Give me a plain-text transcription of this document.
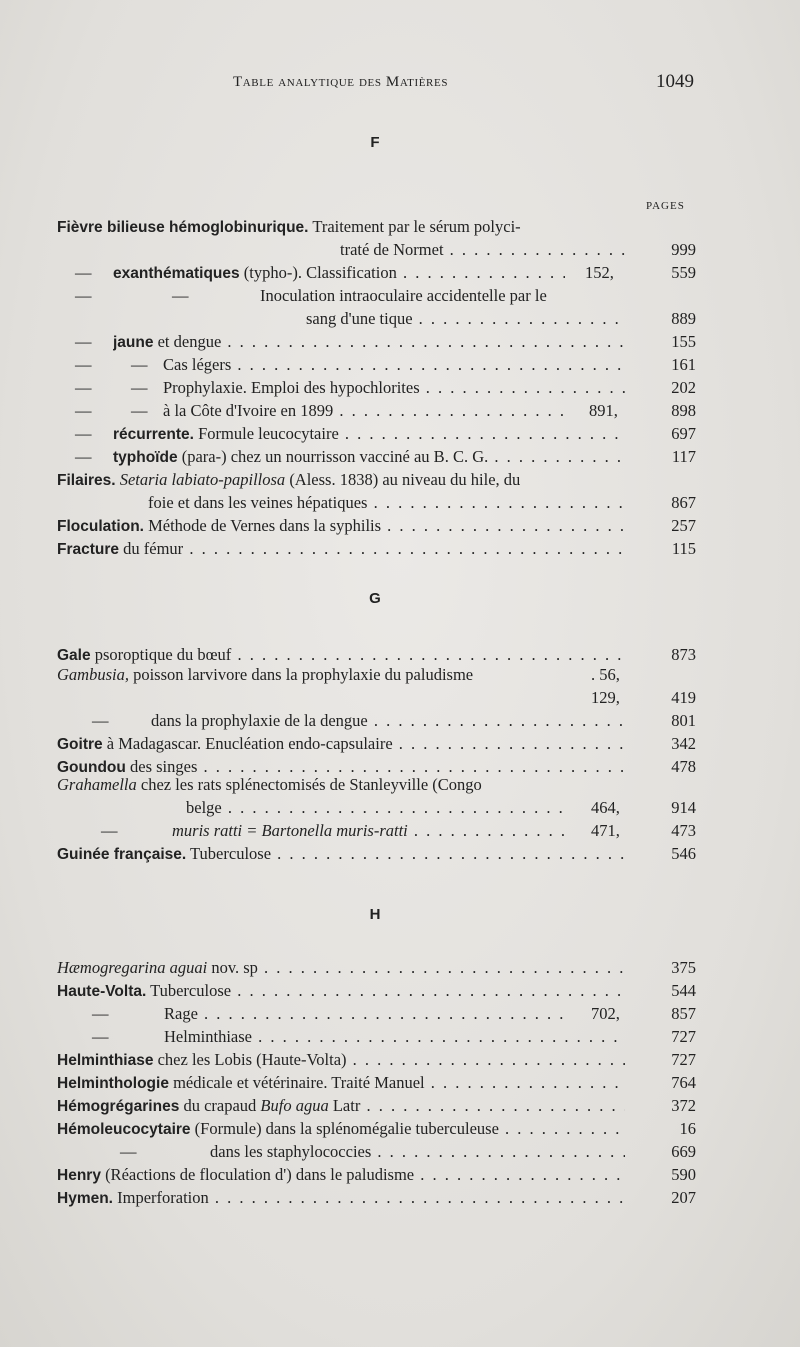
Table analytique des Matières	1049
F
PAGES
Fièvre bilieuse hémoglobinurique. Traitement par le sérum polyci-
traté de Normet . . .	999
— exanthématiques (typho-). Classification . . .	152,	559
—	—	Inoculation intraoculaire accidentelle par le
sang d'une tique . . .	889
— jaune et dengue . . .	155
— — Cas légers . . .	161
— — Prophylaxie. Emploi des hypochlorites . . .	202
— — à la Côte d'Ivoire en 1899 . . .	891,	898
— récurrente. Formule leucocytaire . . .	697
— typhoïde (para-) chez un nourrisson vacciné au B. C. G. . . .	117
Filaires. Setaria labiato-papillosa (Aless. 1838) au niveau du hile, du
foie et dans les veines hépatiques . . .	867
Floculation. Méthode de Vernes dans la syphilis . . .	257
Fracture du fémur . . .	115
G
Gale psoroptique du bœuf . . .	873
Gambusia, poisson larvivore dans la prophylaxie du paludisme	. 56,
129,	419
—	dans la prophylaxie de la dengue . . .	801
Goitre à Madagascar. Enucléation endo-capsulaire . . .	342
Goundou des singes . . .	478
Grahamella chez les rats splénectomisés de Stanleyville (Congo
belge . . .	464,	914
—	muris ratti = Bartonella muris-ratti . . .	471,	473
Guinée française. Tuberculose . . .	546
H
Hæmogregarina aguai nov. sp . . .	375
Haute-Volta. Tuberculose . . .	544
—	Rage . . .	702,	857
—	Helminthiase . . .	727
Helminthiase chez les Lobis (Haute-Volta) . . .	727
Helminthologie médicale et vétérinaire. Traité Manuel . . .	764
Hémogrégarines du crapaud Bufo agua Latr . . .	372
Hémoleucocytaire (Formule) dans la splénomégalie tuberculeuse . . .	16
—	dans les staphylococcies . . .	669
Henry (Réactions de floculation d') dans le paludisme . . .	590
Hymen. Imperforation . . .	207
